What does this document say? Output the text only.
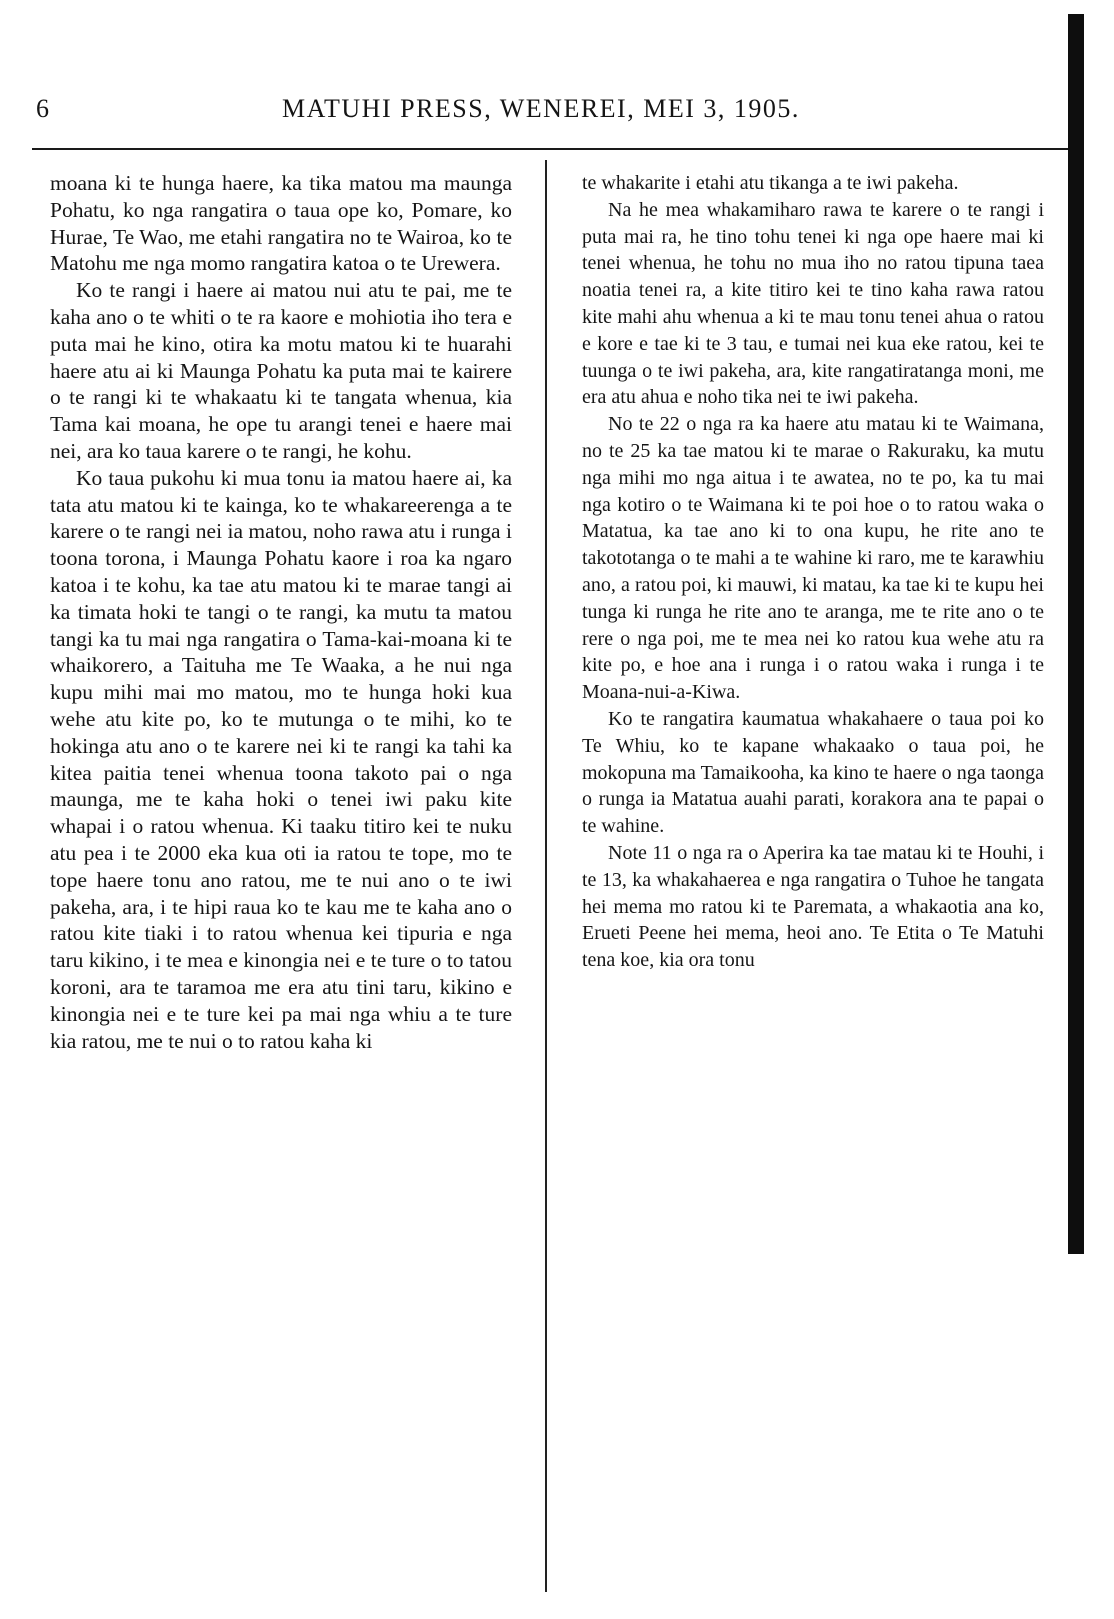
6	MATUHI PRESS, WENEREI, MEI 3, 1905.

moana ki te hunga haere, ka tika matou ma maunga Pohatu, ko nga rangatira o taua ope ko, Pomare, ko Hurae, Te Wao, me etahi rangatira no te Wairoa, ko te Matohu me nga momo rangatira katoa o te Urewera.

Ko te rangi i haere ai matou nui atu te pai, me te kaha ano o te whiti o te ra kaore e mohiotia iho tera e puta mai he kino, otira ka motu matou ki te huarahi haere atu ai ki Maunga Pohatu ka puta mai te kairere o te rangi ki te whakaatu ki te tangata whenua, kia Tama kai moana, he ope tu arangi tenei e haere mai nei, ara ko taua karere o te rangi, he kohu.

Ko taua pukohu ki mua tonu ia matou haere ai, ka tata atu matou ki te kainga, ko te whakareerenga a te karere o te rangi nei ia matou, noho rawa atu i runga i toona torona, i Maunga Pohatu kaore i roa ka ngaro katoa i te kohu, ka tae atu matou ki te marae tangi ai ka timata hoki te tangi o te rangi, ka mutu ta matou tangi ka tu mai nga rangatira o Tama-kai-moana ki te whaikorero, a Taituha me Te Waaka, a he nui nga kupu mihi mai mo matou, mo te hunga hoki kua wehe atu kite po, ko te mutunga o te mihi, ko te hokinga atu ano o te karere nei ki te rangi ka tahi ka kitea paitia tenei whenua toona takoto pai o nga maunga, me te kaha hoki o tenei iwi paku kite whapai i o ratou whenua. Ki taaku titiro kei te nuku atu pea i te 2000 eka kua oti ia ratou te tope, mo te tope haere tonu ano ratou, me te nui ano o te iwi pakeha, ara, i te hipi raua ko te kau me te kaha ano o ratou kite tiaki i to ratou whenua kei tipuria e nga taru kikino, i te mea e kinongia nei e te ture o to tatou koroni, ara te taramoa me era atu tini taru, kikino e kinongia nei e te ture kei pa mai nga whiu a te ture kia ratou, me te nui o to ratou kaha ki

te whakarite i etahi atu tikanga a te iwi pakeha.

Na he mea whakamiharo rawa te karere o te rangi i puta mai ra, he tino tohu tenei ki nga ope haere mai ki tenei whenua, he tohu no mua iho no ratou tipuna taea noatia tenei ra, a kite titiro kei te tino kaha rawa ratou kite mahi ahu whenua a ki te mau tonu tenei ahua o ratou e kore e tae ki te 3 tau, e tumai nei kua eke ratou, kei te tuunga o te iwi pakeha, ara, kite rangatiratanga moni, me era atu ahua e noho tika nei te iwi pakeha.

No te 22 o nga ra ka haere atu matau ki te Waimana, no te 25 ka tae matou ki te marae o Rakuraku, ka mutu nga mihi mo nga aitua i te awatea, no te po, ka tu mai nga kotiro o te Waimana ki te poi hoe o to ratou waka o Matatua, ka tae ano ki to ona kupu, he rite ano te takototanga o te mahi a te wahine ki raro, me te karawhiu ano, a ratou poi, ki mauwi, ki matau, ka tae ki te kupu hei tunga ki runga he rite ano te aranga, me te rite ano o te rere o nga poi, me te mea nei ko ratou kua wehe atu ra kite po, e hoe ana i runga i o ratou waka i runga i te Moana-nui-a-Kiwa.

Ko te rangatira kaumatua whakahaere o taua poi ko Te Whiu, ko te kapane whakaako o taua poi, he mokopuna ma Tamaikooha, ka kino te haere o nga taonga o runga ia Matatua auahi parati, korakora ana te papai o te wahine.

Note 11 o nga ra o Aperira ka tae matau ki te Houhi, i te 13, ka whakahaerea e nga rangatira o Tuhoe he tangata hei mema mo ratou ki te Paremata, a whakaotia ana ko, Erueti Peene hei mema, heoi ano. Te Etita o Te Matuhi tena koe, kia ora tonu
